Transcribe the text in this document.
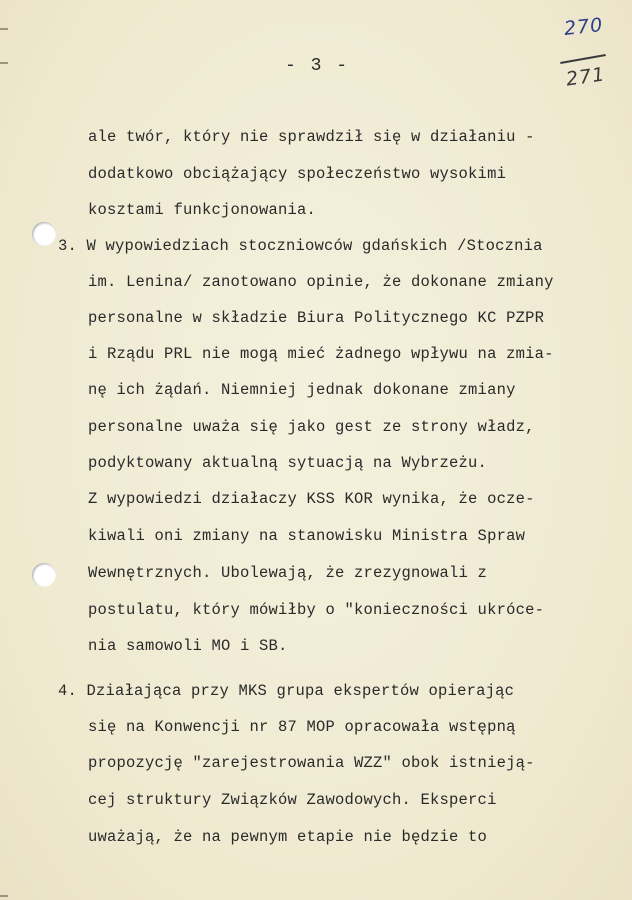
270
271
- 3 -
ale twór, który nie sprawdził się w działaniu -
dodatkowo obciążający społeczeństwo wysokimi
kosztami funkcjonowania.
3. W wypowiedziach stoczniowców gdańskich /Stocznia
im. Lenina/ zanotowano opinie, że dokonane zmiany
personalne w składzie Biura Politycznego KC PZPR
i Rządu PRL nie mogą mieć żadnego wpływu na zmia-
nę ich żądań. Niemniej jednak dokonane zmiany
personalne uważa się jako gest ze strony władz,
podyktowany aktualną sytuacją na Wybrzeżu.
Z wypowiedzi działaczy KSS KOR wynika, że ocze-
kiwali oni zmiany na stanowisku Ministra Spraw
Wewnętrznych. Ubolewają, że zrezygnowali z
postulatu, który mówiłby o "konieczności ukróce-
nia samowoli MO i SB.
4. Działająca przy MKS grupa ekspertów opierając
się na Konwencji nr 87 MOP opracowała wstępną
propozycję "zarejestrowania WZZ" obok istnieją-
cej struktury Związków Zawodowych. Eksperci
uważają, że na pewnym etapie nie będzie to
